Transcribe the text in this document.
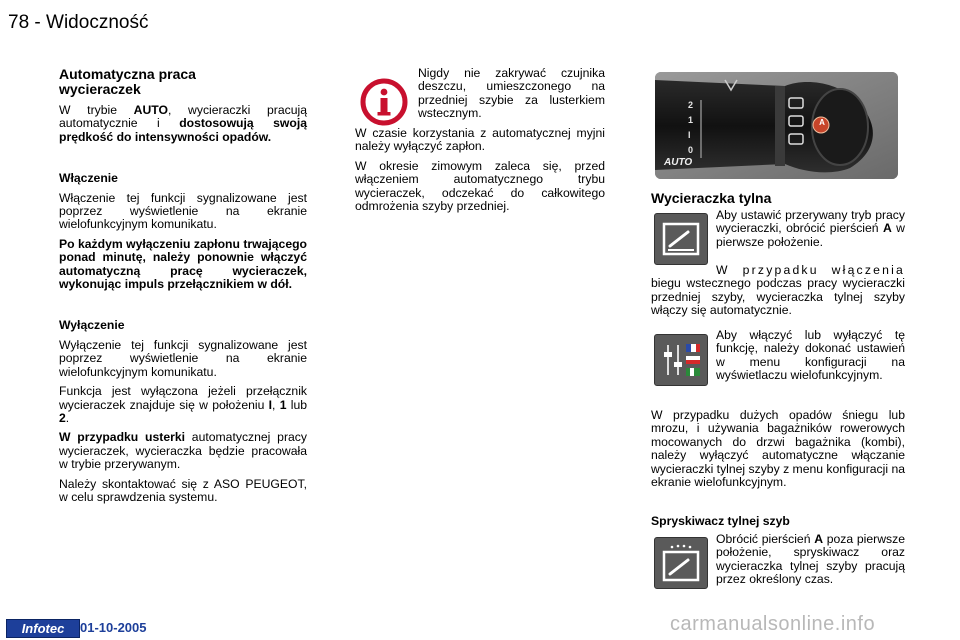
78 - Widoczność
Automatyczna praca
wycieraczek

W trybie AUTO, wycieraczki pracują automatycznie i dostosowują swoją prędkość do intensywności opadów.

Włączenie

Włączenie tej funkcji sygnalizowane jest poprzez wyświetlenie na ekranie wielofunkcyjnym komunikatu.

Po każdym wyłączeniu zapłonu trwającego ponad minutę, należy ponownie włączyć automatyczną pracę wycieraczek, wykonując impuls przełącznikiem w dół.

Wyłączenie

Wyłączenie tej funkcji sygnalizowane jest poprzez wyświetlenie na ekranie wielofunkcyjnym komunikatu.

Funkcja jest wyłączona jeżeli przełącznik wycieraczek znajduje się w położeniu I, 1 lub 2.

W przypadku usterki automatycznej pracy wycieraczek, wycieraczka będzie pracowała w trybie przerywanym.

Należy skontaktować się z ASO PEUGEOT, w celu sprawdzenia systemu.

Nigdy nie zakrywać czujnika deszczu, umieszczonego na przedniej szybie za lusterkiem wstecznym.

W czasie korzystania z automatycznej myjni należy wyłączyć zapłon.

W okresie zimowym zaleca się, przed włączeniem automatycznego trybu wycieraczek, odczekać do całkowitego odmrożenia szyby przedniej.

2
1
I
0
AUTO
A
Wycieraczka tylna
Aby ustawić przerywany tryb pracy wycieraczki, obrócić pierścień A w pierwsze położenie.
W przypadku włączenia biegu wstecznego podczas pracy wycieraczki przedniej szyby, wycieraczka tylnej szyby włączy się automatycznie.
Aby włączyć lub wyłączyć tę funkcję, należy dokonać ustawień w menu konfiguracji na wyświetlaczu wielofunkcyjnym.
W przypadku dużych opadów śniegu lub mrozu, i używania bagażników rowerowych mocowanych do drzwi bagażnika (kombi), należy wyłączyć automatyczne włączanie wycieraczki tylnej szyby z menu konfiguracji na ekranie wielofunkcyjnym.
Spryskiwacz tylnej szyb
Obrócić pierścień A poza pierwsze położenie, spryskiwacz oraz wycieraczka tylnej szyby pracują przez określony czas.
Infotec	01-10-2005	carmanualsonline.info
